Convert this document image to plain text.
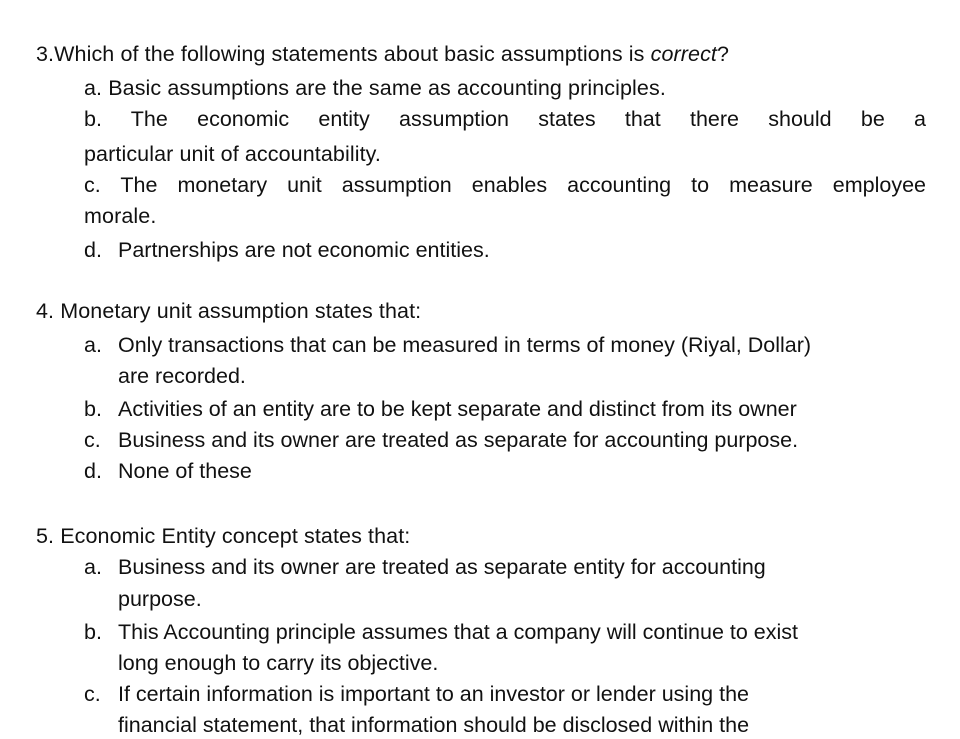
3.Which of the following statements about basic assumptions is correct?
a. Basic assumptions are the same as accounting principles.
b. The economic entity assumption states that there should be a
particular unit of accountability.
c. The monetary unit assumption enables accounting to measure employee
morale.
d. Partnerships are not economic entities.
4. Monetary unit assumption states that:
a. Only transactions that can be measured in terms of money (Riyal, Dollar)
are recorded.
b. Activities of an entity are to be kept separate and distinct from its owner
c. Business and its owner are treated as separate for accounting purpose.
d. None of these
5. Economic Entity concept states that:
a. Business and its owner are treated as separate entity for accounting
purpose.
b. This Accounting principle assumes that a company will continue to exist
long enough to carry its objective.
c. If certain information is important to an investor or lender using the
financial statement, that information should be disclosed within the
